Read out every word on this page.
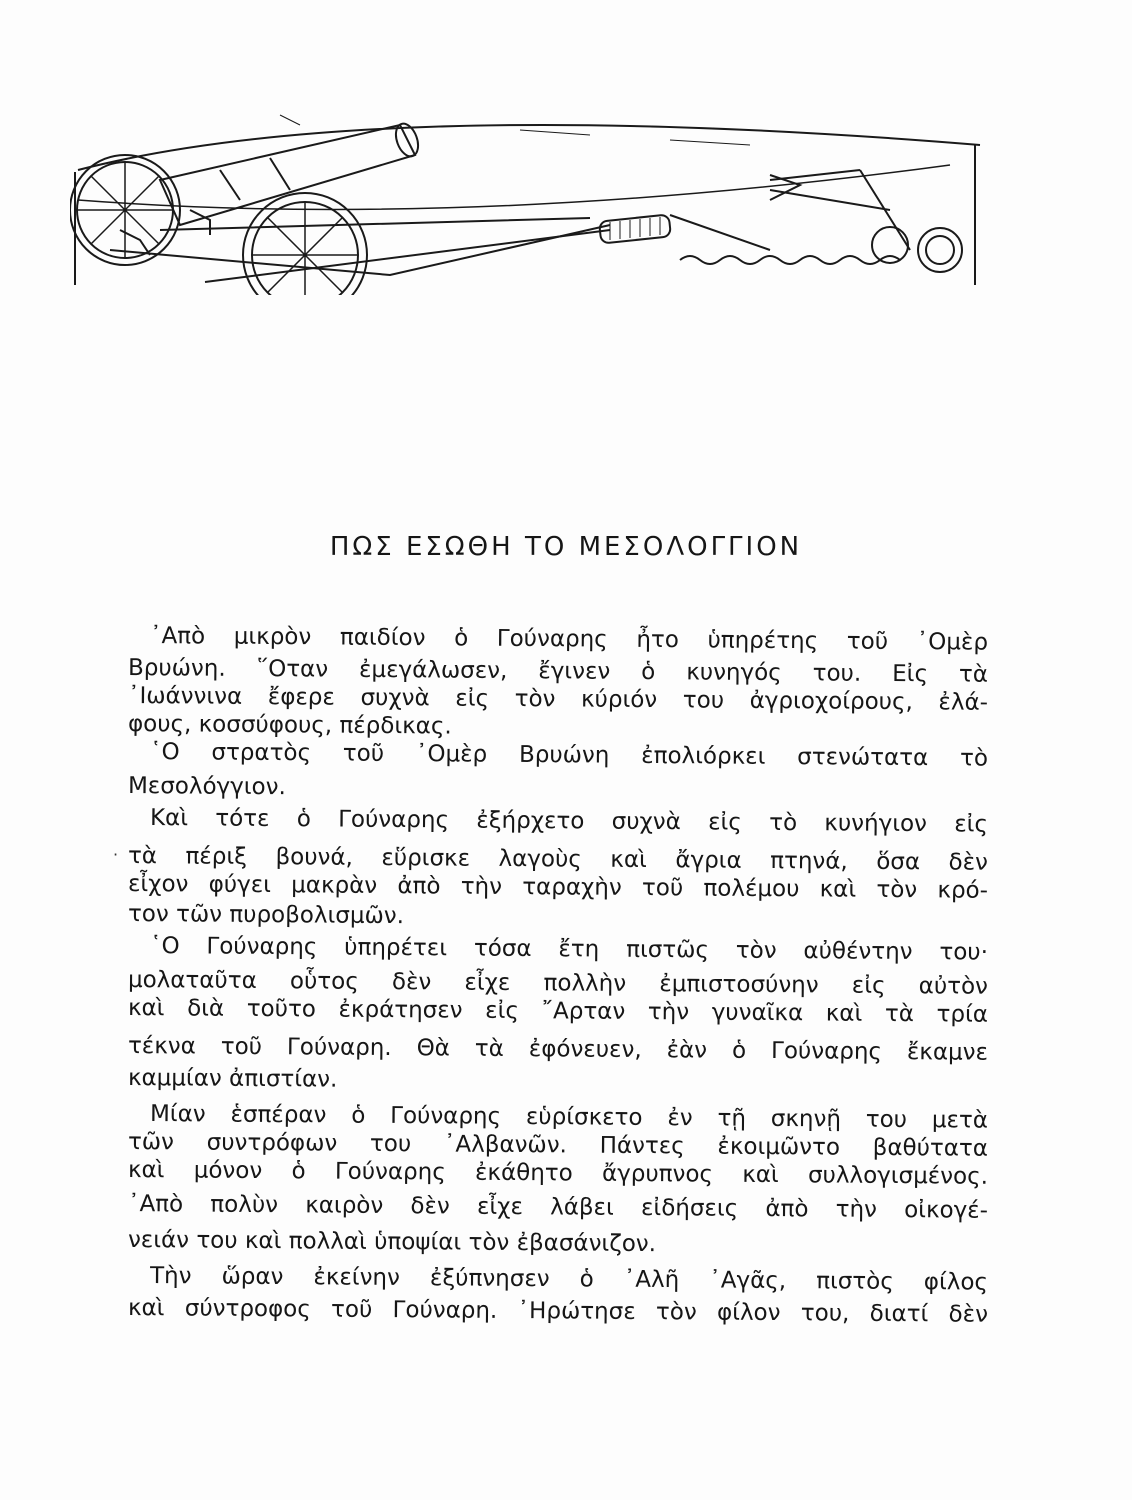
ΠΩΣ ΕΣΩΘΗ ΤΟ ΜΕΣΟΛΟΓΓΙΟΝ
᾿Απὸ μικρὸν παιδίον ὁ Γούναρης ἦτο ὑπηρέτης τοῦ ᾿Ομὲρ
Βρυώνη. ῞Οταν ἐμεγάλωσεν, ἔγινεν ὁ κυνηγός του. Εἰς τὰ
᾿Ιωάννινα ἔφερε συχνὰ εἰς τὸν κύριόν του ἀγριοχοίρους, ἐλά-
φους, κοσσύφους, πέρδικας.
῾Ο στρατὸς τοῦ ᾿Ομὲρ Βρυώνη ἐπολιόρκει στενώτατα τὸ
Μεσολόγγιον.
Καὶ τότε ὁ Γούναρης ἐξήρχετο συχνὰ εἰς τὸ κυνήγιον εἰς
τὰ πέριξ βουνά, εὕρισκε λαγοὺς καὶ ἄγρια πτηνά, ὅσα δὲν
εἶχον φύγει μακρὰν ἀπὸ τὴν ταραχὴν τοῦ πολέμου καὶ τὸν κρό-
τον τῶν πυροβολισμῶν.
῾Ο Γούναρης ὑπηρέτει τόσα ἔτη πιστῶς τὸν αὐθέντην του·
μολαταῦτα οὗτος δὲν εἶχε πολλὴν ἐμπιστοσύνην εἰς αὐτὸν
καὶ διὰ τοῦτο ἐκράτησεν εἰς ῎Αρταν τὴν γυναῖκα καὶ τὰ τρία
τέκνα τοῦ Γούναρη. Θὰ τὰ ἐφόνευεν, ἐὰν ὁ Γούναρης ἔκαμνε
καμμίαν ἀπιστίαν.
Μίαν ἑσπέραν ὁ Γούναρης εὑρίσκετο ἐν τῇ σκηνῇ του μετὰ
τῶν συντρόφων του ᾿Αλβανῶν. Πάντες ἐκοιμῶντο βαθύτατα
καὶ μόνον ὁ Γούναρης ἐκάθητο ἄγρυπνος καὶ συλλογισμένος.
᾿Απὸ πολὺν καιρὸν δὲν εἶχε λάβει εἰδήσεις ἀπὸ τὴν οἰκογέ-
νειάν του καὶ πολλαὶ ὑποψίαι τὸν ἐβασάνιζον.
Τὴν ὥραν ἐκείνην ἐξύπνησεν ὁ ᾿Αλῆ ᾿Αγᾶς, πιστὸς φίλος
καὶ σύντροφος τοῦ Γούναρη. ᾿Ηρώτησε τὸν φίλον του, διατί δὲν
·
